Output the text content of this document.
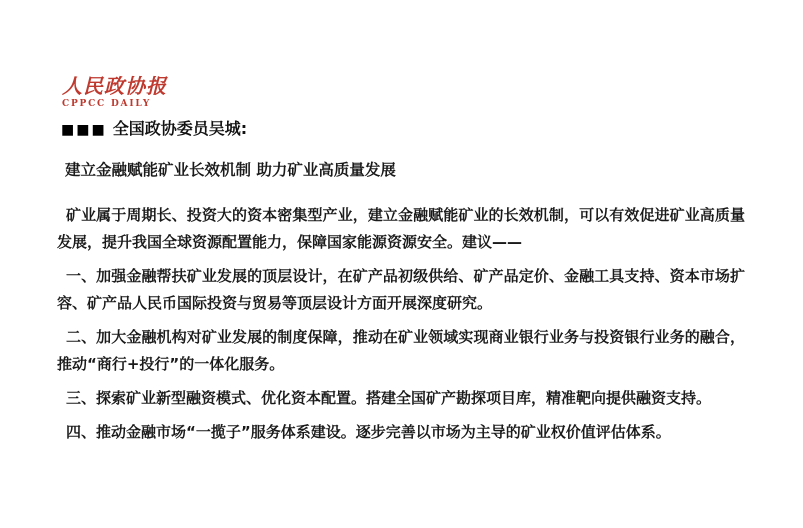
人民政协报
CPPCC DAILY
■■■ 全国政协委员吴城:
建立金融赋能矿业长效机制 助力矿业高质量发展

矿业属于周期长、投资大的资本密集型产业，建立金融赋能矿业的长效机制，可以有效促进矿业高质量发展，提升我国全球资源配置能力，保障国家能源资源安全。建议——

一、加强金融帮扶矿业发展的顶层设计，在矿产品初级供给、矿产品定价、金融工具支持、资本市场扩容、矿产品人民币国际投资与贸易等顶层设计方面开展深度研究。

二、加大金融机构对矿业发展的制度保障，推动在矿业领域实现商业银行业务与投资银行业务的融合，推动“商行+投行”的一体化服务。

三、探索矿业新型融资模式、优化资本配置。搭建全国矿产勘探项目库，精准靶向提供融资支持。

四、推动金融市场“一揽子”服务体系建设。逐步完善以市场为主导的矿业权价值评估体系。
